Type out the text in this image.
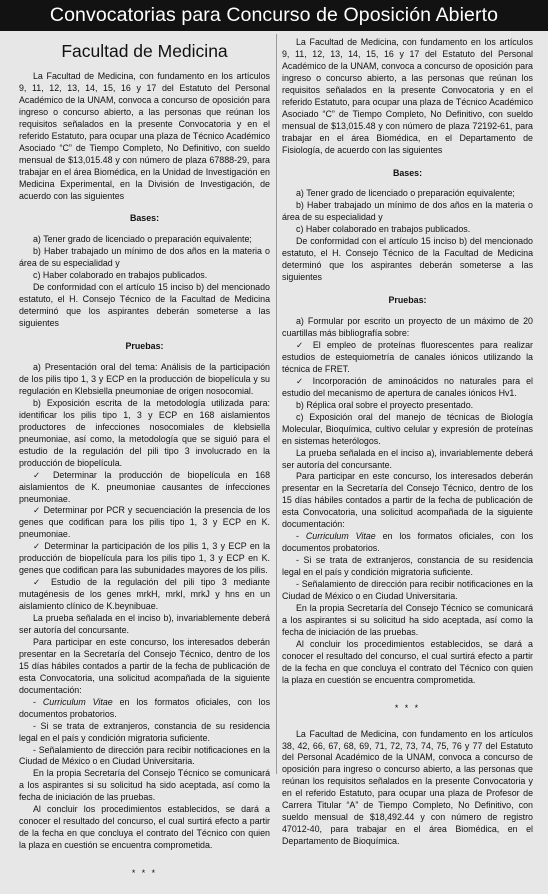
Convocatorias para Concurso de Oposición Abierto
Facultad de Medicina

La Facultad de Medicina, con fundamento en los artículos 9, 11, 12, 13, 14, 15, 16 y 17 del Estatuto del Personal Académico de la UNAM, convoca a concurso de oposición para ingreso o concurso abierto, a las personas que reúnan los requisitos señalados en la presente Convocatoria y en el referido Estatuto, para ocupar una plaza de Técnico Académico Asociado “C” de Tiempo Completo, No Definitivo, con sueldo mensual de $13,015.48 y con número de plaza 67888-29, para trabajar en el área Biomédica, en la Unidad de Investigación en Medicina Experimental, en la División de Investigación, de acuerdo con las siguientes

Bases:

a) Tener grado de licenciado o preparación equivalente;

b) Haber trabajado un mínimo de dos años en la materia o área de su especialidad y

c) Haber colaborado en trabajos publicados.

De conformidad con el artículo 15 inciso b) del mencionado estatuto, el H. Consejo Técnico de la Facultad de Medicina determinó que los aspirantes deberán someterse a las siguientes

Pruebas:

a) Presentación oral del tema: Análisis de la participación de los pilis tipo 1, 3 y ECP en la producción de biopelícula y su regulación en Klebsiella pneumoniae de origen nosocomial.

b) Exposición escrita de la metodología utilizada para: identificar los pilis tipo 1, 3 y ECP en 168 aislamientos productores de infecciones nosocomiales de klebsiella pneumoniae, así como, la metodología que se siguió para el estudio de la regulación del pili tipo 3 involucrado en la producción de biopelícula.

✓ Determinar la producción de biopelícula en 168 aislamientos de K. pneumoniae causantes de infecciones pneumoniae.

✓ Determinar por PCR y secuenciación la presencia de los genes que codifican para los pilis tipo 1, 3 y ECP en K. pneumoniae.

✓ Determinar la participación de los pilis 1, 3 y ECP en la producción de biopelícula para los pilis tipo 1, 3 y ECP en K. genes que codifican para las subunidades mayores de los pilis.

✓ Estudio de la regulación del pili tipo 3 mediante mutagénesis de los genes mrkH, mrkI, mrkJ y hns en un aislamiento clínico de K.beynibuae.

La prueba señalada en el inciso b), invariablemente deberá ser autoría del concursante.

Para participar en este concurso, los interesados deberán presentar en la Secretaría del Consejo Técnico, dentro de los 15 días hábiles contados a partir de la fecha de publicación de esta Convocatoria, una solicitud acompañada de la siguiente documentación:

- Curriculum Vitae en los formatos oficiales, con los documentos probatorios.

- Si se trata de extranjeros, constancia de su residencia legal en el país y condición migratoria suficiente.

- Señalamiento de dirección para recibir notificaciones en la Ciudad de México o en Ciudad Universitaria.

En la propia Secretaría del Consejo Técnico se comunicará a los aspirantes si su solicitud ha sido aceptada, así como la fecha de iniciación de las pruebas.

Al concluir los procedimientos establecidos, se dará a conocer el resultado del concurso, el cual surtirá efecto a partir de la fecha en que concluya el contrato del Técnico con quien la plaza en cuestión se encuentra comprometida.

* * *

La Facultad de Medicina, con fundamento en los artículos 9, 11, 12, 13, 14, 15, 16 y 17 del Estatuto del Personal Académico de la UNAM, convoca a concurso de oposición para ingreso o concurso abierto, a las personas que reúnan los requisitos señalados en la presente Convocatoria y en el referido Estatuto, para ocupar una plaza de Técnico Académico Asociado “C” de Tiempo Completo, No Definitivo, con sueldo mensual de $13,015.48 y con número de plaza 72192-61, para trabajar en el área Biomédica, en el Departamento de Fisiología, de acuerdo con las siguientes

Bases:

a) Tener grado de licenciado o preparación equivalente;

b) Haber trabajado un mínimo de dos años en la materia o área de su especialidad y

c) Haber colaborado en trabajos publicados.

De conformidad con el artículo 15 inciso b) del mencionado estatuto, el H. Consejo Técnico de la Facultad de Medicina determinó que los aspirantes deberán someterse a las siguientes

Pruebas:

a) Formular por escrito un proyecto de un máximo de 20 cuartillas más bibliografía sobre:

✓ El empleo de proteínas fluorescentes para realizar estudios de estequiometría de canales iónicos utilizando la técnica de FRET.

✓ Incorporación de aminoácidos no naturales para el estudio del mecanismo de apertura de canales iónicos Hv1.

b) Réplica oral sobre el proyecto presentado.

c) Exposición oral del manejo de técnicas de Biología Molecular, Bioquímica, cultivo celular y expresión de proteínas en sistemas heterólogos.

La prueba señalada en el inciso a), invariablemente deberá ser autoría del concursante.

Para participar en este concurso, los interesados deberán presentar en la Secretaría del Consejo Técnico, dentro de los 15 días hábiles contados a partir de la fecha de publicación de esta Convocatoria, una solicitud acompañada de la siguiente documentación:

- Curriculum Vitae en los formatos oficiales, con los documentos probatorios.

- Si se trata de extranjeros, constancia de su residencia legal en el país y condición migratoria suficiente.

- Señalamiento de dirección para recibir notificaciones en la Ciudad de México o en Ciudad Universitaria.

En la propia Secretaría del Consejo Técnico se comunicará a los aspirantes si su solicitud ha sido aceptada, así como la fecha de iniciación de las pruebas.

Al concluir los procedimientos establecidos, se dará a conocer el resultado del concurso, el cual surtirá efecto a partir de la fecha en que concluya el contrato del Técnico con quien la plaza en cuestión se encuentra comprometida.

* * *

La Facultad de Medicina, con fundamento en los artículos 38, 42, 66, 67, 68, 69, 71, 72, 73, 74, 75, 76 y 77 del Estatuto del Personal Académico de la UNAM, convoca a concurso de oposición para ingreso o concurso abierto, a las personas que reúnan los requisitos señalados en la presente Convocatoria y en el referido Estatuto, para ocupar una plaza de Profesor de Carrera Titular “A” de Tiempo Completo, No Definitivo, con sueldo mensual de $18,492.44 y con número de registro 47012-40, para trabajar en el área Biomédica, en el Departamento de Bioquímica.
